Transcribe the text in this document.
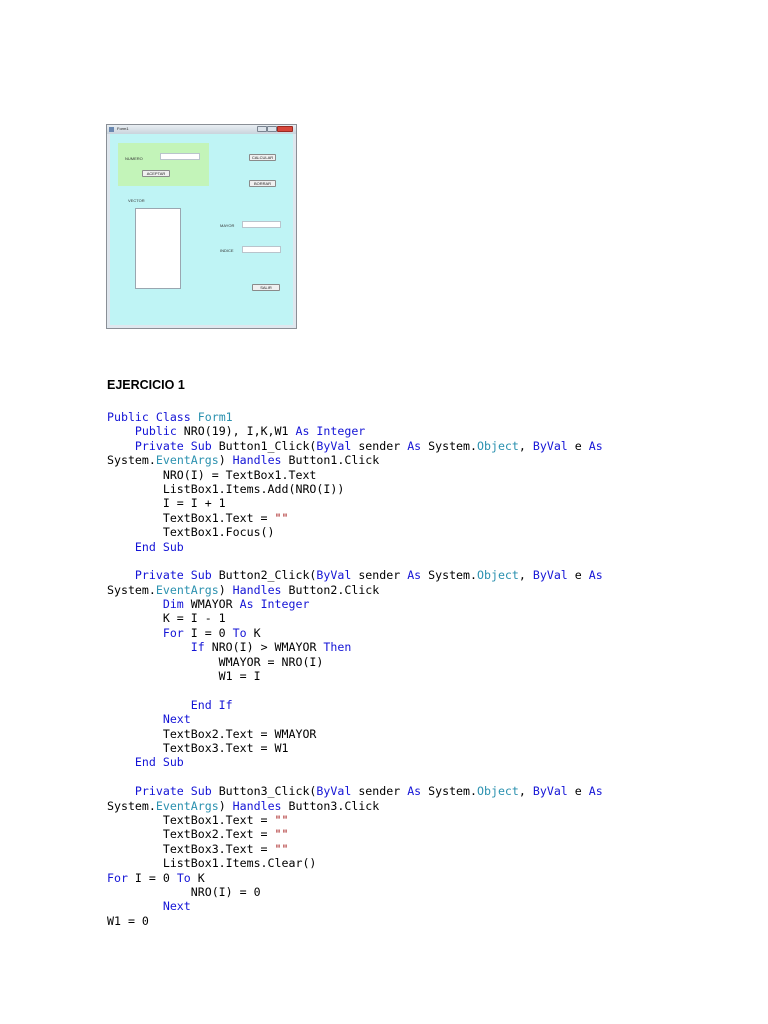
Form1
NUMERO
ACEPTAR
CALCULAR
BORRAR
VECTOR
MAYOR
INDICE
SALIR
EJERCICIO 1
Public Class Form1
Public NRO(19), I,K,W1 As Integer
Private Sub Button1_Click(ByVal sender As System.Object, ByVal e As
System.EventArgs) Handles Button1.Click
NRO(I) = TextBox1.Text
ListBox1.Items.Add(NRO(I))
I = I + 1
TextBox1.Text = ""
TextBox1.Focus()
End Sub
Private Sub Button2_Click(ByVal sender As System.Object, ByVal e As
System.EventArgs) Handles Button2.Click
Dim WMAYOR As Integer
K = I - 1
For I = 0 To K
If NRO(I) > WMAYOR Then
WMAYOR = NRO(I)
W1 = I
End If
Next
TextBox2.Text = WMAYOR
TextBox3.Text = W1
End Sub
Private Sub Button3_Click(ByVal sender As System.Object, ByVal e As
System.EventArgs) Handles Button3.Click
TextBox1.Text = ""
TextBox2.Text = ""
TextBox3.Text = ""
ListBox1.Items.Clear()
For I = 0 To K
NRO(I) = 0
Next
W1 = 0
